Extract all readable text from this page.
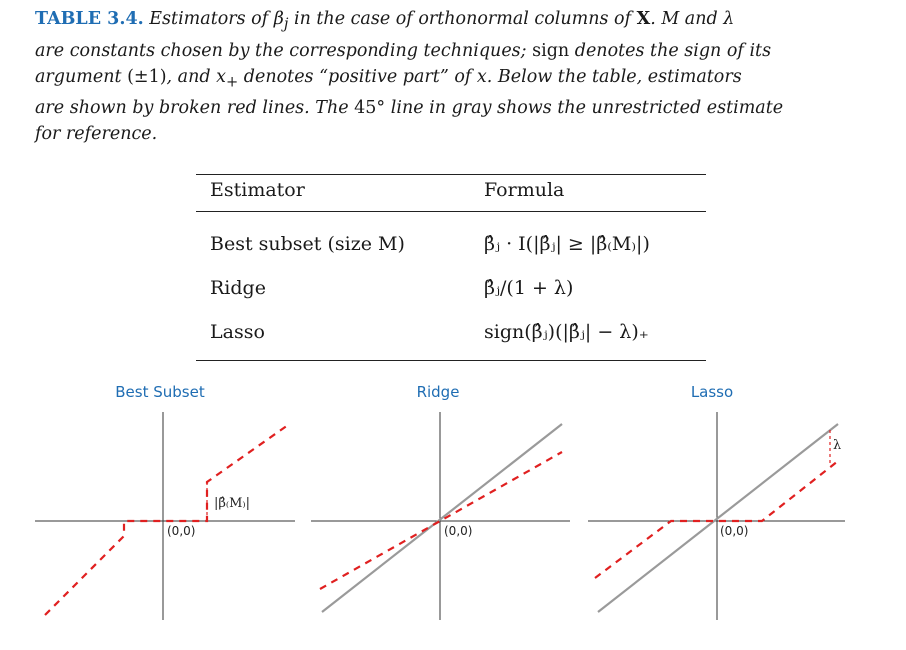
TABLE 3.4. Estimators of $\beta_j$ in the case of orthonormal columns of X. M and λ
are constants chosen by the corresponding techniques; sign denotes the sign of its
argument (±1), and $x_+$ denotes “positive part” of x. Below the table, estimators
are shown by broken red lines. The 45° line in gray shows the unrestricted estimate
for reference.
Estimator	Formula
Best subset (size M)	β̂ⱼ · I(|β̂ⱼ| ≥ |β̂₍M₎|)
Ridge	β̂ⱼ/(1 + λ)
Lasso	sign(β̂ⱼ)(|β̂ⱼ| − λ)₊
Best Subset
(0,0)
|β̂₍M₎|
Ridge
(0,0)
Lasso
(0,0)
λ
